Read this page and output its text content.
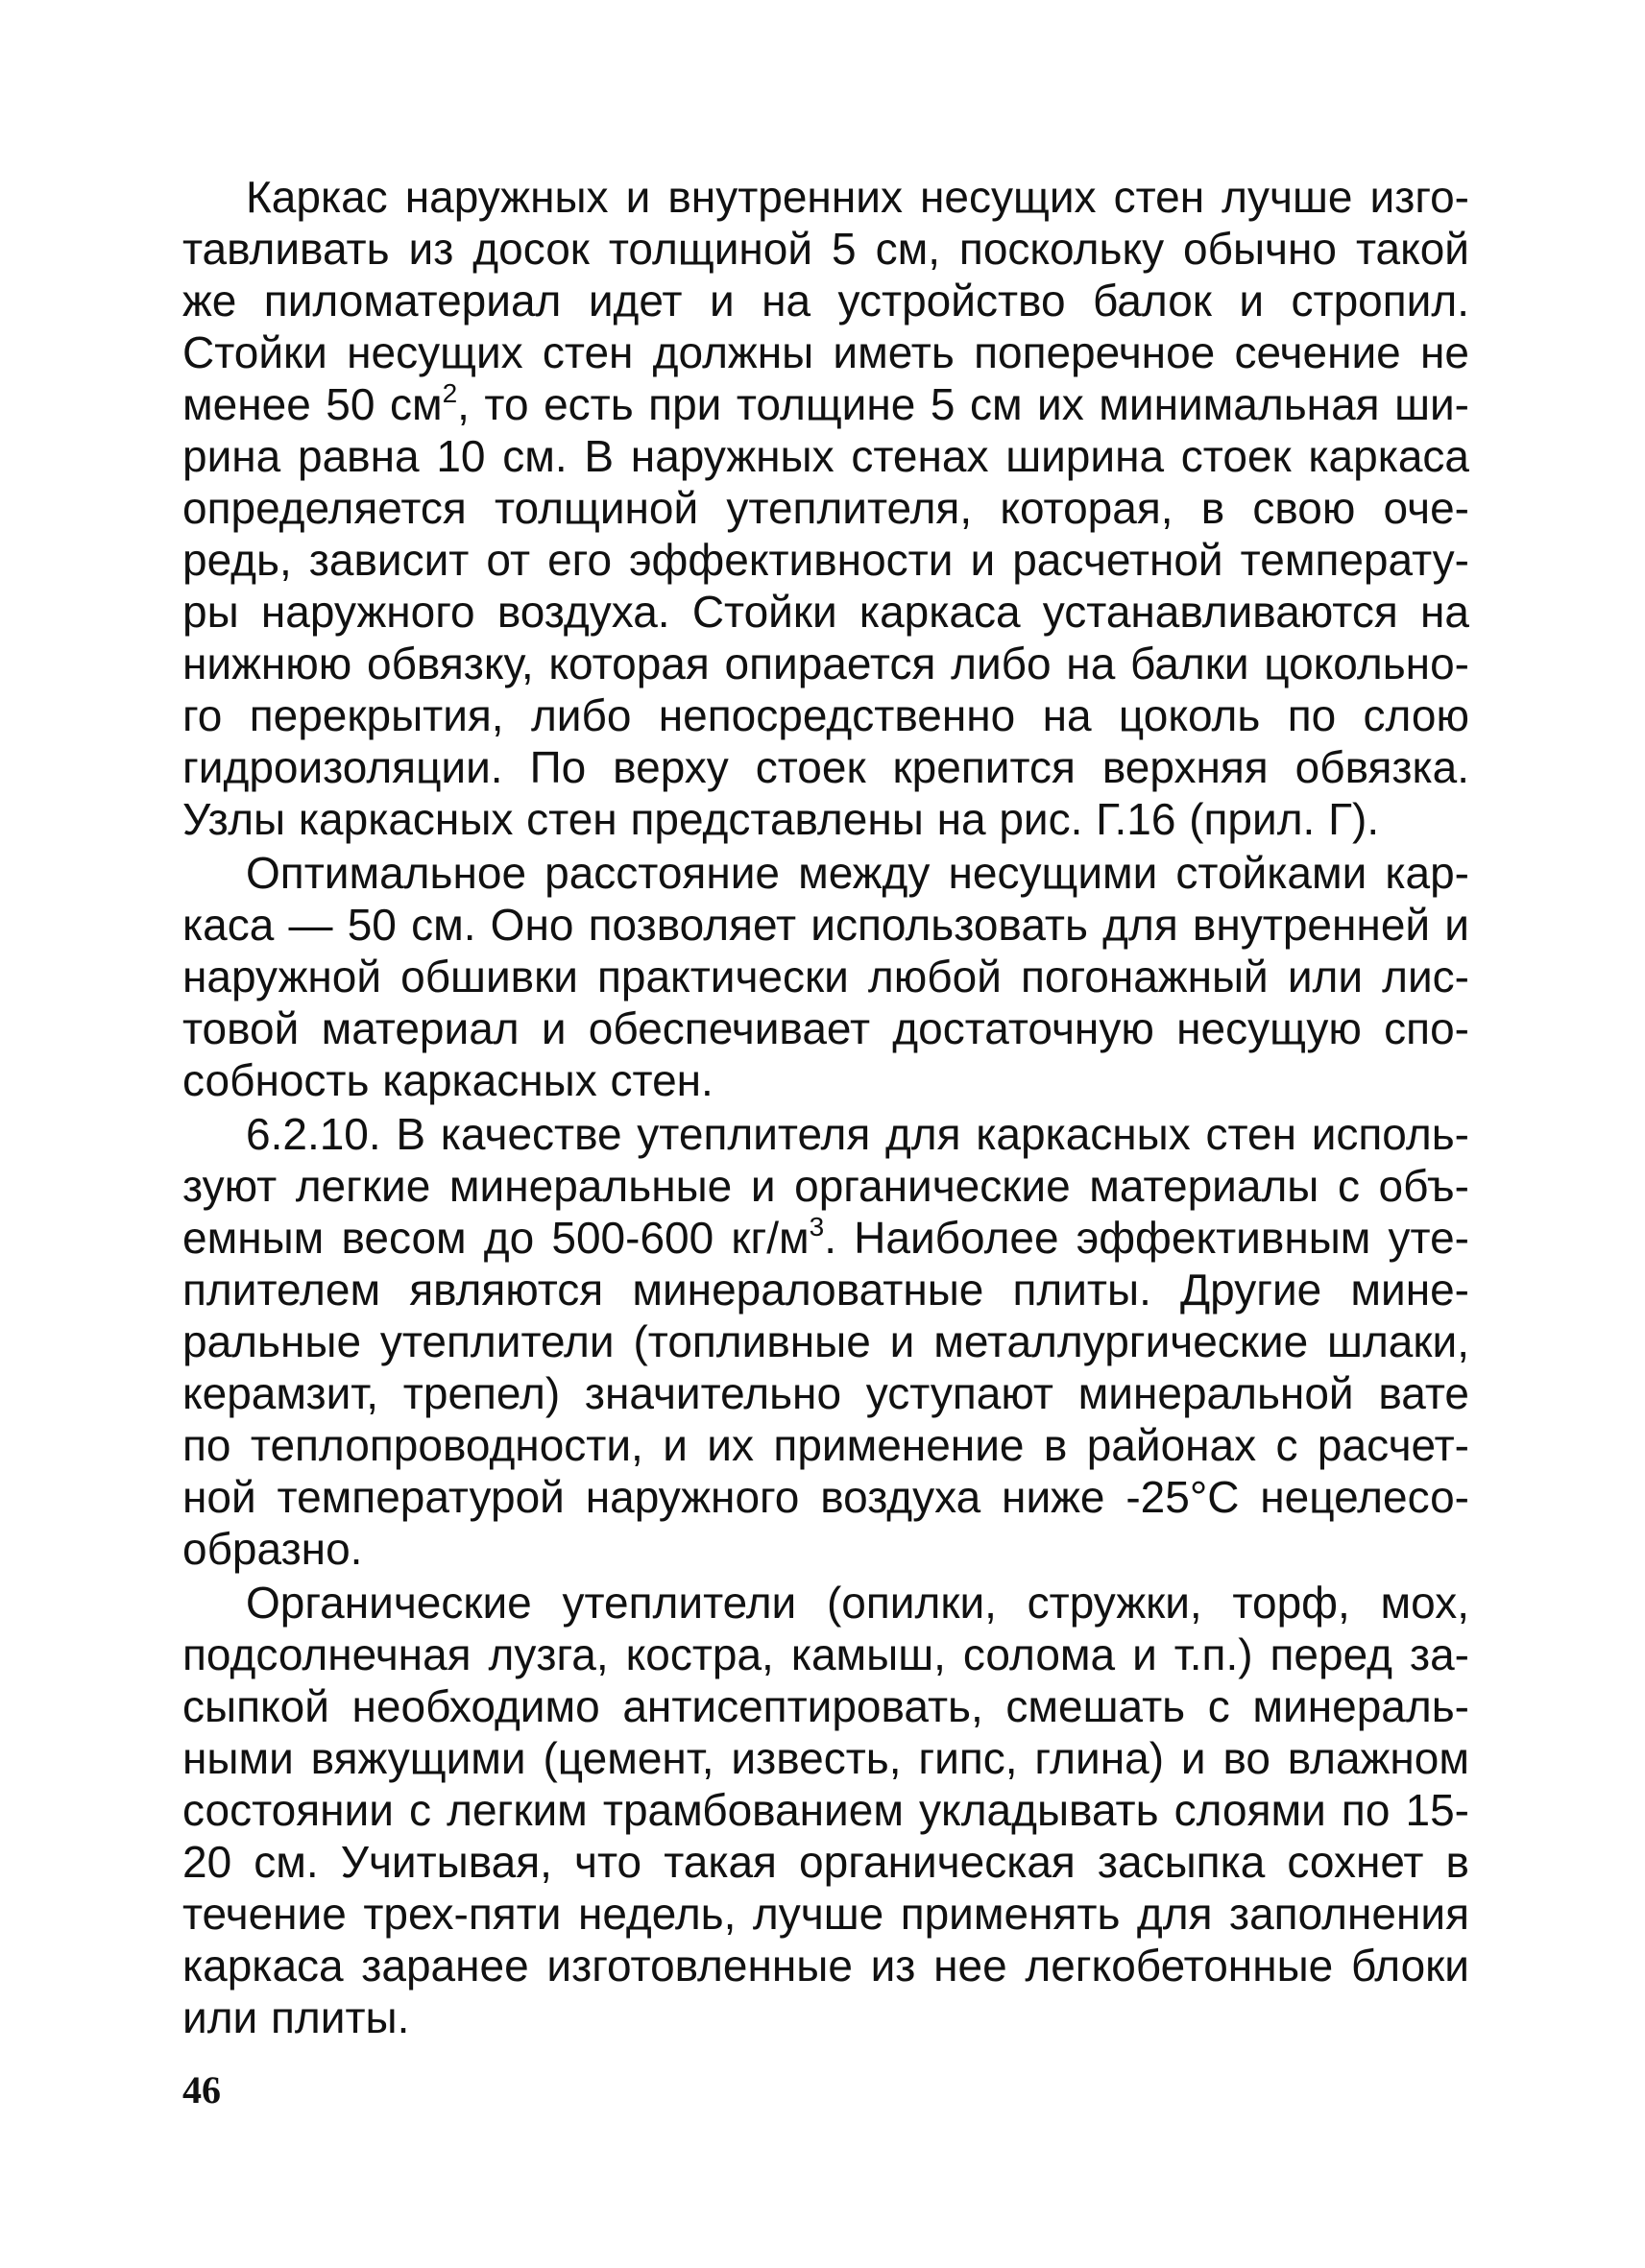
Каркас наружных и внутренних несущих стен лучше изго-
тавливать из досок толщиной 5 см, поскольку обычно такой
же пиломатериал идет и на устройство балок и стропил.
Стойки несущих стен должны иметь поперечное сечение не
менее 50 $см^2$, то есть при толщине 5 см их минимальная ши-
рина равна 10 см. В наружных стенах ширина стоек каркаса
определяется толщиной утеплителя, которая, в свою оче-
редь, зависит от его эффективности и расчетной температу-
ры наружного воздуха. Стойки каркаса устанавливаются на
нижнюю обвязку, которая опирается либо на балки цокольно-
го перекрытия, либо непосредственно на цоколь по слою
гидроизоляции. По верху стоек крепится верхняя обвязка.
Узлы каркасных стен представлены на рис. Г.16 (прил. Г).

Оптимальное расстояние между несущими стойками кар-
каса — 50 см. Оно позволяет использовать для внутренней и
наружной обшивки практически любой погонажный или лис-
товой материал и обеспечивает достаточную несущую спо-
собность каркасных стен.

6.2.10. В качестве утеплителя для каркасных стен исполь-
зуют легкие минеральные и органические материалы с объ-
емным весом до 500-600 $кг/м^3$. Наиболее эффективным уте-
плителем являются минераловатные плиты. Другие мине-
ральные утеплители (топливные и металлургические шлаки,
керамзит, трепел) значительно уступают минеральной вате
по теплопроводности, и их применение в районах с расчет-
ной температурой наружного воздуха ниже -25°С нецелесо-
образно.

Органические утеплители (опилки, стружки, торф, мох,
подсолнечная лузга, костра, камыш, солома и т.п.) перед за-
сыпкой необходимо антисептировать, смешать с минераль-
ными вяжущими (цемент, известь, гипс, глина) и во влажном
состоянии с легким трамбованием укладывать слоями по 15-
20 см. Учитывая, что такая органическая засыпка сохнет в
течение трех-пяти недель, лучше применять для заполнения
каркаса заранее изготовленные из нее легкобетонные блоки
или плиты.

46
